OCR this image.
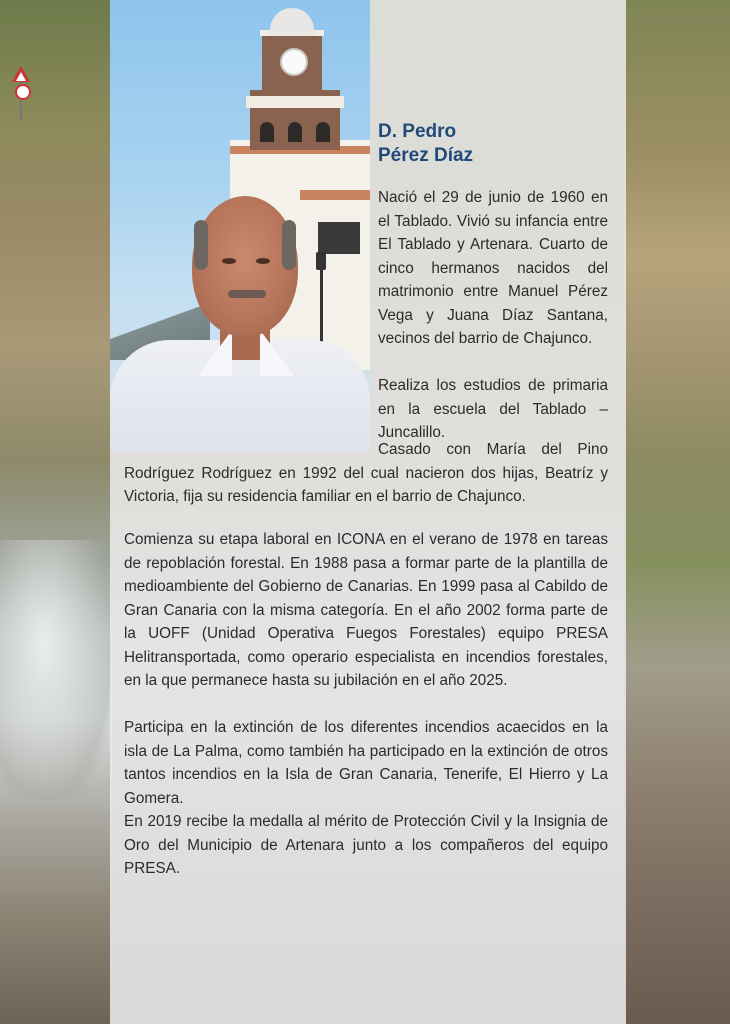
D. Pedro
Pérez Díaz

Nació el 29 de junio de 1960 en el Tablado. Vivió su infancia entre El Tablado y Artenara. Cuarto de cinco hermanos nacidos del matrimonio entre Manuel Pérez Vega y Juana Díaz Santana, vecinos del barrio de Chajunco.

Realiza los estudios de primaria en la escuela del Tablado – Juncalillo.

Casado con María del Pino Rodríguez Rodríguez en 1992 del cual nacieron dos hijas, Beatríz y Victoria, fija su residencia familiar en el barrio de Chajunco.

Comienza su etapa laboral en ICONA en el verano de 1978 en tareas de repoblación forestal. En 1988 pasa a formar parte de la plantilla de medioambiente del Gobierno de Canarias. En 1999 pasa al Cabildo de Gran Canaria con la misma categoría. En el año 2002 forma parte de la UOFF (Unidad Operativa Fuegos Forestales) equipo PRESA Helitransportada, como operario especialista en incendios forestales, en la que permanece hasta su jubilación en el año 2025.

Participa en la extinción de los diferentes incendios acaecidos en la isla de La Palma, como también ha participado en la extinción de otros tantos incendios en la Isla de Gran Canaria, Tenerife, El Hierro y La Gomera.

En 2019 recibe la medalla al mérito de Protección Civil y la Insignia de Oro del Municipio de Artenara junto a los compañeros del equipo PRESA.
